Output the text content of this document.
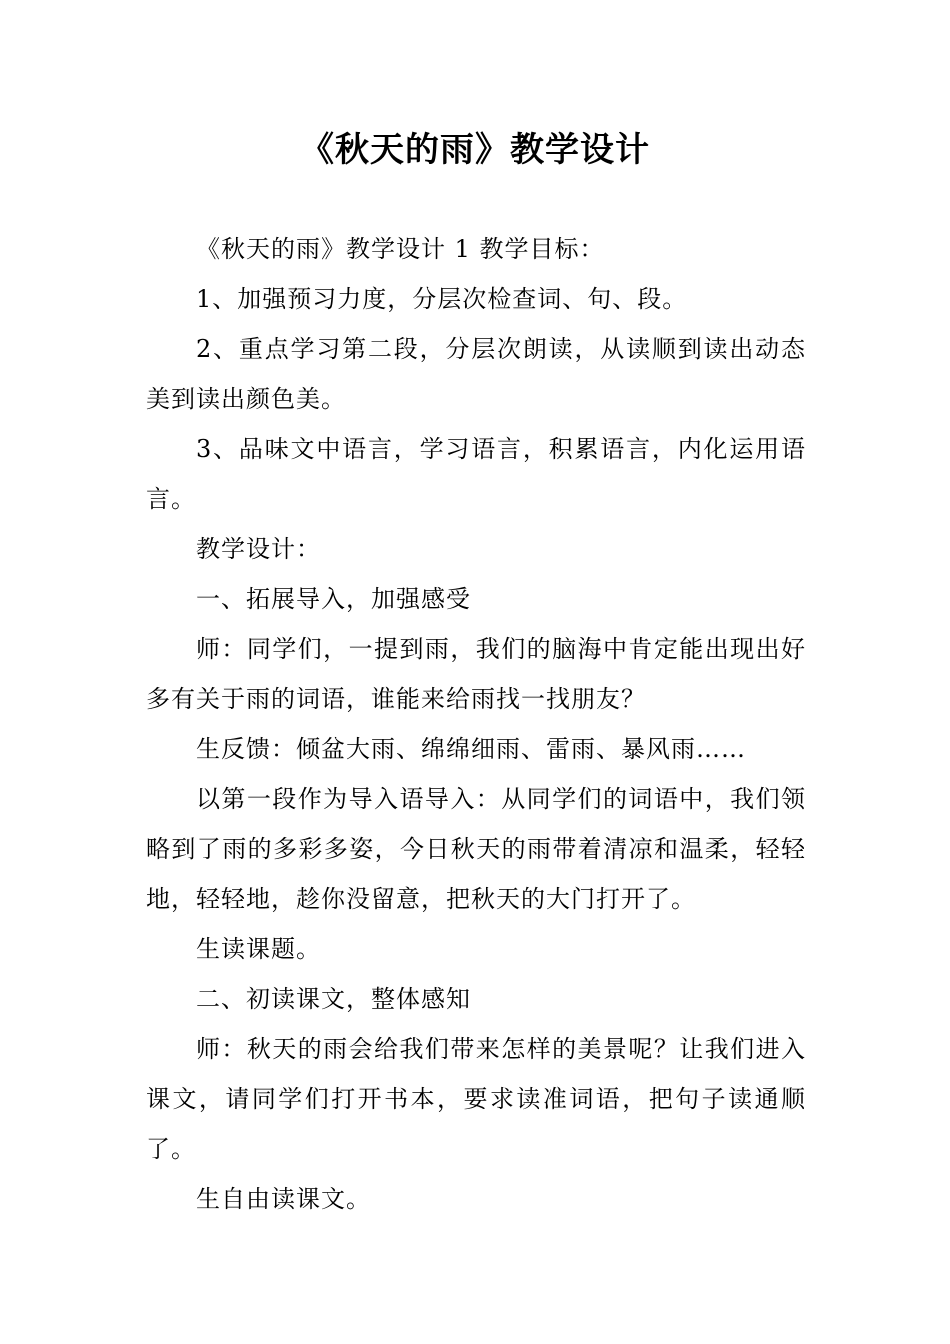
《秋天的雨》教学设计

《秋天的雨》教学设计 1 教学目标：

1、加强预习力度，分层次检查词、句、段。

2、重点学习第二段，分层次朗读，从读顺到读出动态美到读出颜色美。

3、品味文中语言，学习语言，积累语言，内化运用语言。

教学设计：

一、拓展导入，加强感受

师：同学们，一提到雨，我们的脑海中肯定能出现出好多有关于雨的词语，谁能来给雨找一找朋友？

生反馈：倾盆大雨、绵绵细雨、雷雨、暴风雨……

以第一段作为导入语导入：从同学们的词语中，我们领略到了雨的多彩多姿，今日秋天的雨带着清凉和温柔，轻轻地，轻轻地，趁你没留意，把秋天的大门打开了。

生读课题。

二、初读课文，整体感知

师：秋天的雨会给我们带来怎样的美景呢？让我们进入课文，请同学们打开书本，要求读准词语，把句子读通顺了。

生自由读课文。
